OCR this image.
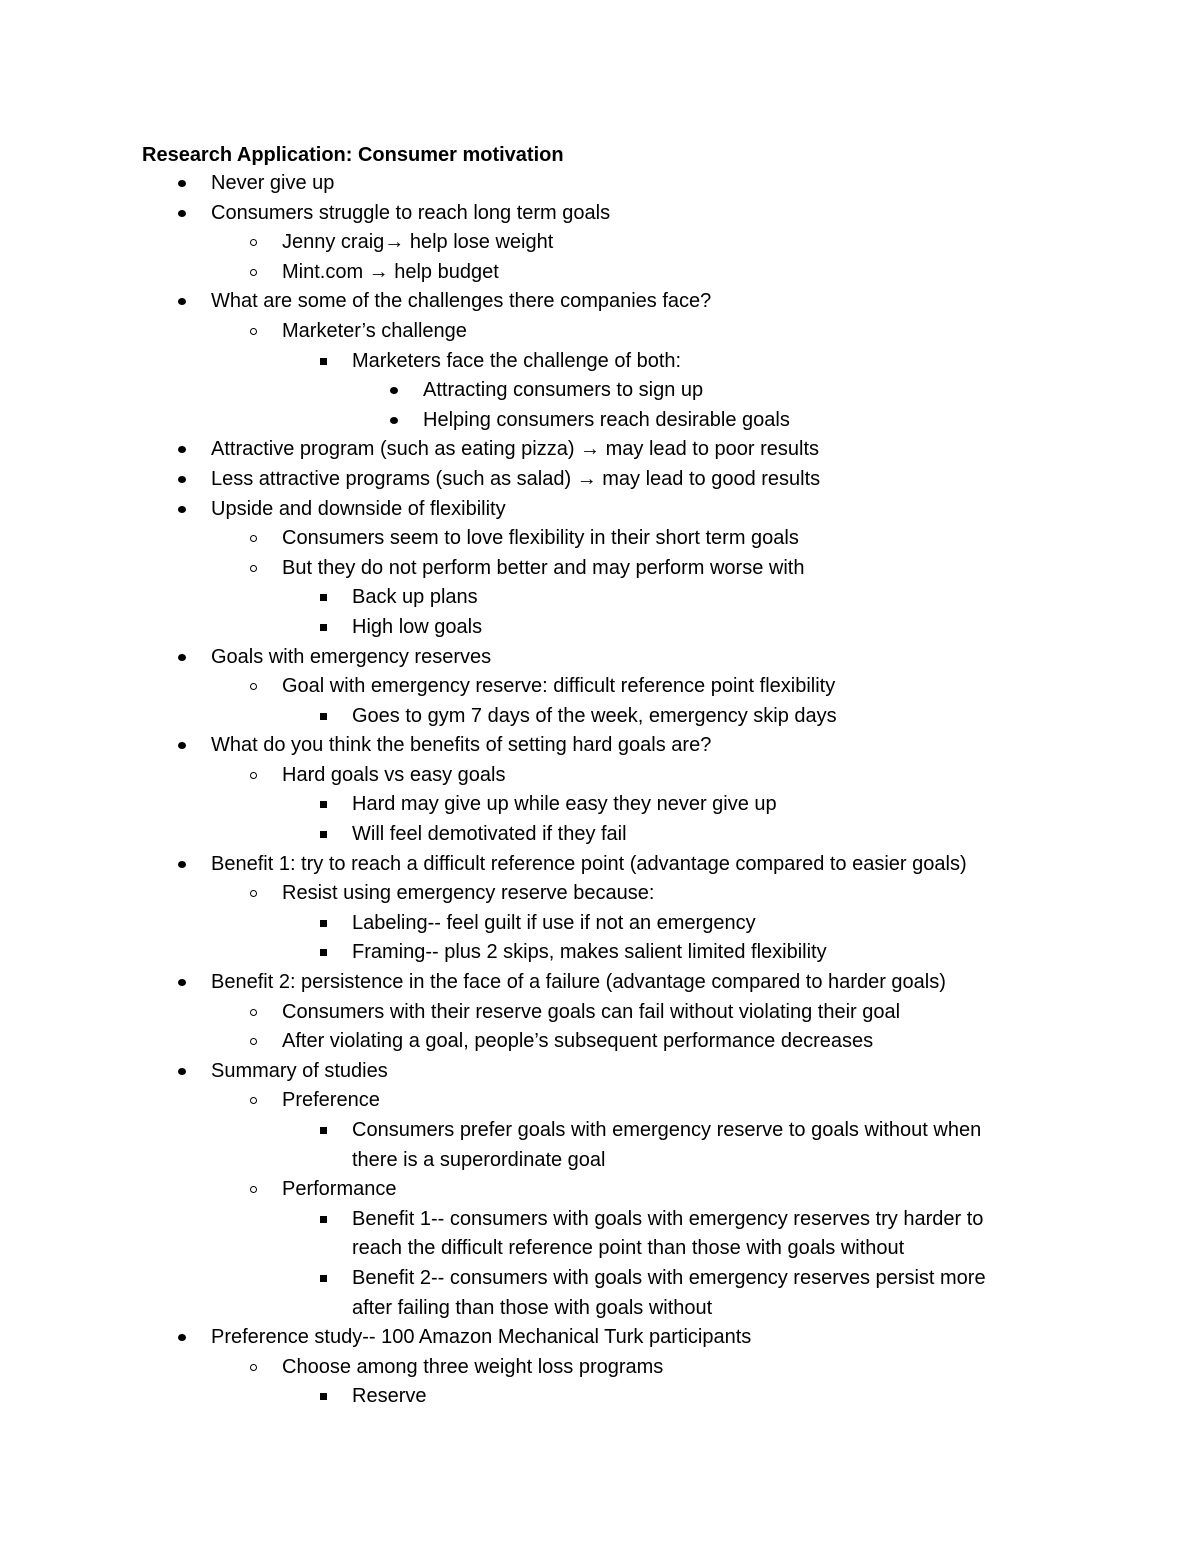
Research Application: Consumer motivation
Never give up
Consumers struggle to reach long term goals
Jenny craig→ help lose weight
Mint.com → help budget
What are some of the challenges there companies face?
Marketer’s challenge
Marketers face the challenge of both:
Attracting consumers to sign up
Helping consumers reach desirable goals
Attractive program (such as eating pizza) → may lead to poor results
Less attractive programs (such as salad) → may lead to good results
Upside and downside of flexibility
Consumers seem to love flexibility in their short term goals
But they do not perform better and may perform worse with
Back up plans
High low goals
Goals with emergency reserves
Goal with emergency reserve: difficult reference point flexibility
Goes to gym 7 days of the week, emergency skip days
What do you think the benefits of setting hard goals are?
Hard goals vs easy goals
Hard may give up while easy they never give up
Will feel demotivated if they fail
Benefit 1: try to reach a difficult reference point (advantage compared to easier goals)
Resist using emergency reserve because:
Labeling-- feel guilt if use if not an emergency
Framing-- plus 2 skips, makes salient limited flexibility
Benefit 2: persistence in the face of a failure (advantage compared to harder goals)
Consumers with their reserve goals can fail without violating their goal
After violating a goal, people’s subsequent performance decreases
Summary of studies
Preference
Consumers prefer goals with emergency reserve to goals without when
there is a superordinate goal
Performance
Benefit 1-- consumers with goals with emergency reserves try harder to
reach the difficult reference point than those with goals without
Benefit 2-- consumers with goals with emergency reserves persist more
after failing than those with goals without
Preference study-- 100 Amazon Mechanical Turk participants
Choose among three weight loss programs
Reserve
